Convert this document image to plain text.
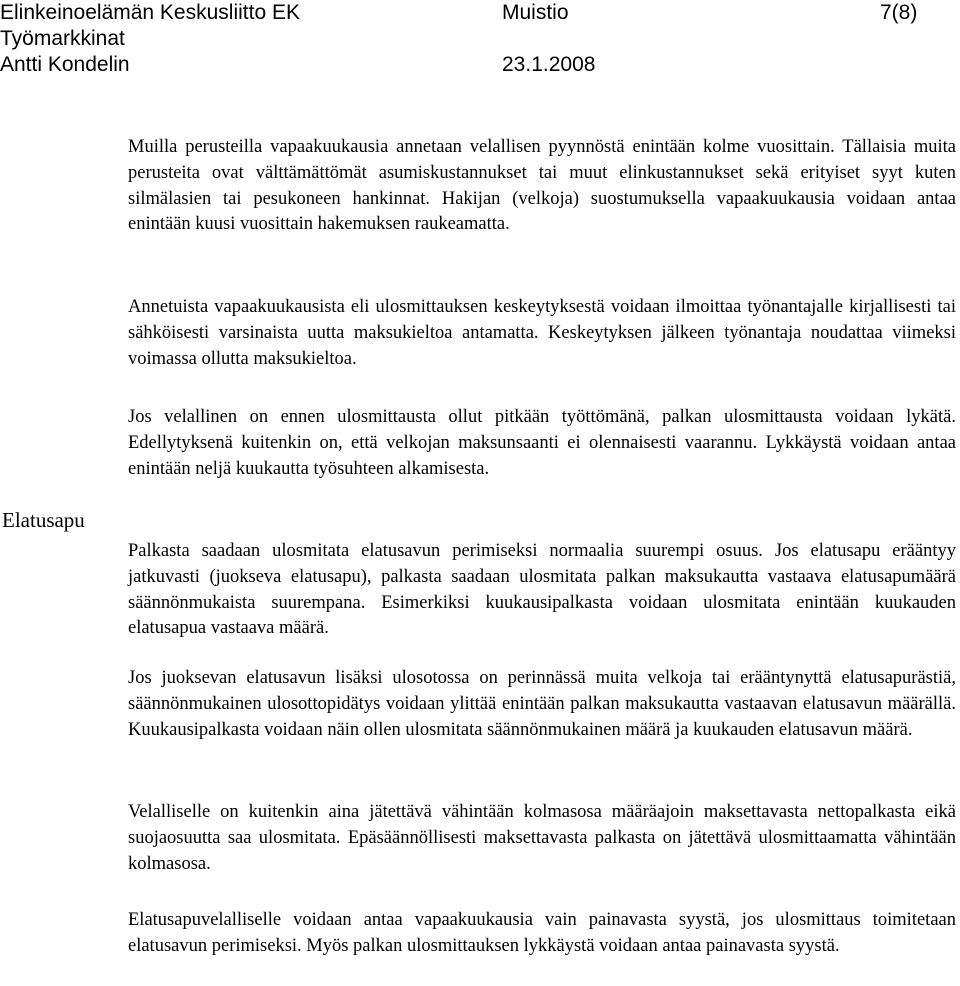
Elinkeinoelämän Keskusliitto EK	Muistio	7(8)
Työmarkkinat
Antti Kondelin	23.1.2008
Elatusapu

Muilla perusteilla vapaakuukausia annetaan velallisen pyynnöstä enintään kolme vuosittain. Tällaisia muita perusteita ovat välttämättömät asumiskustannukset tai muut elinkustannukset sekä erityiset syyt kuten silmälasien tai pesukoneen hankinnat. Hakijan (velkoja) suostumuksella vapaakuukausia voidaan antaa enintään kuusi vuosittain hakemuksen raukeamatta.

Annetuista vapaakuukausista eli ulosmittauksen keskeytyksestä voidaan ilmoittaa työnantajalle kirjallisesti tai sähköisesti varsinaista uutta maksukieltoa antamatta. Keskeytyksen jälkeen työnantaja noudattaa viimeksi voimassa ollutta maksukieltoa.

Jos velallinen on ennen ulosmittausta ollut pitkään työttömänä, palkan ulosmittausta voidaan lykätä. Edellytyksenä kuitenkin on, että velkojan maksunsaanti ei olennaisesti vaarannu. Lykkäystä voidaan antaa enintään neljä kuukautta työsuhteen alkamisesta.

Palkasta saadaan ulosmitata elatusavun perimiseksi normaalia suurempi osuus. Jos elatusapu erääntyy jatkuvasti (juokseva elatusapu), palkasta saadaan ulosmitata palkan maksukautta vastaava elatusapumäärä säännönmukaista suurempana. Esimerkiksi kuukausipalkasta voidaan ulosmitata enintään kuukauden elatusapua vastaava määrä.

Jos juoksevan elatusavun lisäksi ulosotossa on perinnässä muita velkoja tai erääntynyttä elatusapurästiä, säännönmukainen ulosottopidätys voidaan ylittää enintään palkan maksukautta vastaavan elatusavun määrällä. Kuukausipalkasta voidaan näin ollen ulosmitata säännönmukainen määrä ja kuukauden elatusavun määrä.

Velalliselle on kuitenkin aina jätettävä vähintään kolmasosa määräajoin maksettavasta nettopalkasta eikä suojaosuutta saa ulosmitata. Epäsäännöllisesti maksettavasta palkasta on jätettävä ulosmittaamatta vähintään kolmasosa.

Elatusapuvelalliselle voidaan antaa vapaakuukausia vain painavasta syystä, jos ulosmittaus toimitetaan elatusavun perimiseksi. Myös palkan ulosmittauksen lykkäystä voidaan antaa painavasta syystä.
